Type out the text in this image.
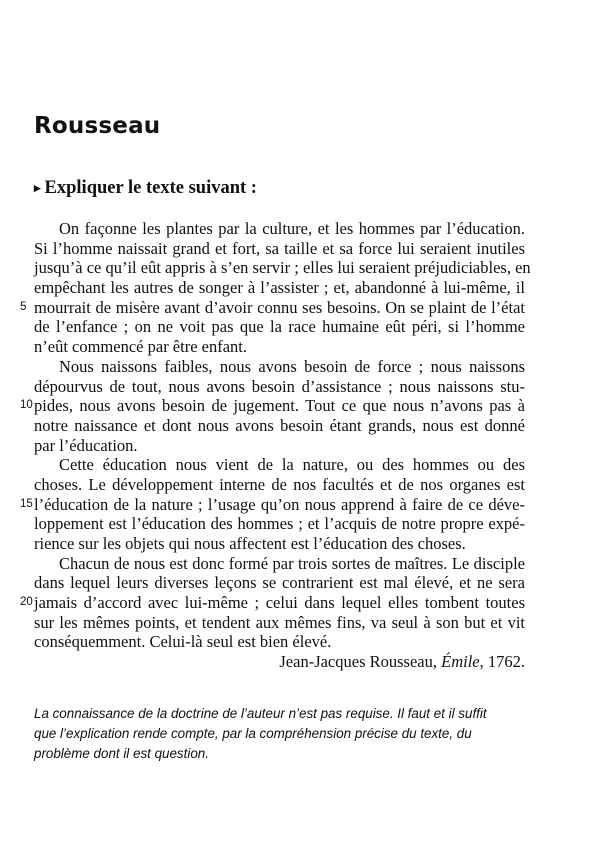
Rousseau
▸ Expliquer le texte suivant :
On façonne les plantes par la culture, et les hommes par l’éducation.
Si l’homme naissait grand et fort, sa taille et sa force lui seraient inutiles
jusqu’à ce qu’il eût appris à s’en servir ; elles lui seraient préjudiciables, en
empêchant les autres de songer à l’assister ; et, abandonné à lui-même, il
5 mourrait de misère avant d’avoir connu ses besoins. On se plaint de l’état
de l’enfance ; on ne voit pas que la race humaine eût péri, si l’homme
n’eût commencé par être enfant.
Nous naissons faibles, nous avons besoin de force ; nous naissons
dépourvus de tout, nous avons besoin d’assistance ; nous naissons stu-
10 pides, nous avons besoin de jugement. Tout ce que nous n’avons pas à
notre naissance et dont nous avons besoin étant grands, nous est donné
par l’éducation.
Cette éducation nous vient de la nature, ou des hommes ou des
choses. Le développement interne de nos facultés et de nos organes est
15 l’éducation de la nature ; l’usage qu’on nous apprend à faire de ce déve-
loppement est l’éducation des hommes ; et l’acquis de notre propre expé-
rience sur les objets qui nous affectent est l’éducation des choses.
Chacun de nous est donc formé par trois sortes de maîtres. Le disciple
dans lequel leurs diverses leçons se contrarient est mal élevé, et ne sera
20 jamais d’accord avec lui-même ; celui dans lequel elles tombent toutes
sur les mêmes points, et tendent aux mêmes fins, va seul à son but et vit
conséquemment. Celui-là seul est bien élevé.
Jean-Jacques Rousseau, Émile, 1762.
La connaissance de la doctrine de l’auteur n’est pas requise. Il faut et il suffit
que l’explication rende compte, par la compréhension précise du texte, du
problème dont il est question.
